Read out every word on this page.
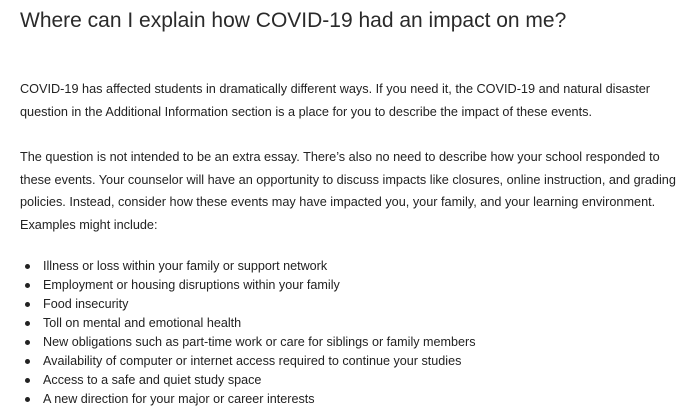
Where can I explain how COVID-19 had an impact on me?

COVID-19 has affected students in dramatically different ways. If you need it, the COVID-19 and natural disaster question in the Additional Information section is a place for you to describe the impact of these events.

The question is not intended to be an extra essay. There’s also no need to describe how your school responded to these events. Your counselor will have an opportunity to discuss impacts like closures, online instruction, and grading policies. Instead, consider how these events may have impacted you, your family, and your learning environment. Examples might include:

Illness or loss within your family or support network
Employment or housing disruptions within your family
Food insecurity
Toll on mental and emotional health
New obligations such as part-time work or care for siblings or family members
Availability of computer or internet access required to continue your studies
Access to a safe and quiet study space
A new direction for your major or career interests
